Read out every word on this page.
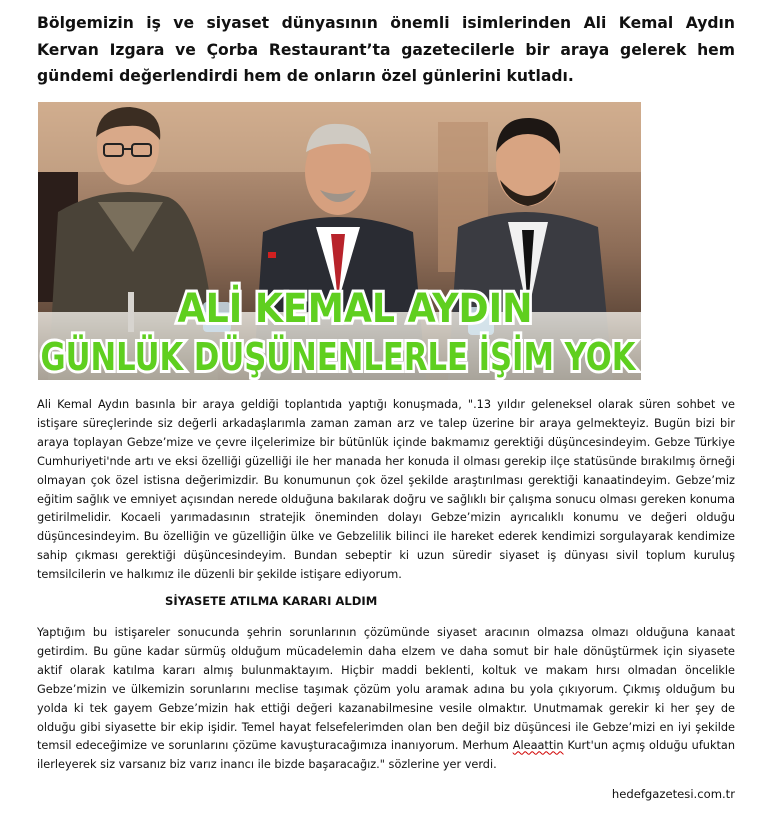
Bölgemizin iş ve siyaset dünyasının önemli isimlerinden Ali Kemal Aydın Kervan Izgara ve Çorba Restaurant’ta gazetecilerle bir araya gelerek hem gündemi değerlendirdi hem de onların özel günlerini kutladı.

ALİ KEMAL AYDIN
GÜNLÜK DÜŞÜNENLERLE İŞİM YOK

Ali Kemal Aydın basınla bir araya geldiği toplantıda yaptığı konuşmada, ".13 yıldır geleneksel olarak süren sohbet ve istişare süreçlerinde siz değerli arkadaşlarımla zaman zaman arz ve talep üzerine bir araya gelmekteyiz. Bugün bizi bir araya toplayan Gebze’mize ve çevre ilçelerimize bir bütünlük içinde bakmamız gerektiği düşüncesindeyim. Gebze Türkiye Cumhuriyeti'nde artı ve eksi özelliği güzelliği ile her manada her konuda il olması gerekip ilçe statüsünde bırakılmış örneği olmayan çok özel istisna değerimizdir. Bu konumunun çok özel şekilde araştırılması gerektiği kanaatindeyim. Gebze’miz eğitim sağlık ve emniyet açısından nerede olduğuna bakılarak doğru ve sağlıklı bir çalışma sonucu olması gereken konuma getirilmelidir. Kocaeli yarımadasının stratejik öneminden dolayı Gebze’mizin ayrıcalıklı konumu ve değeri olduğu düşüncesindeyim. Bu özelliğin ve güzelliğin ülke ve Gebzelilik bilinci ile hareket ederek kendimizi sorgulayarak kendimize sahip çıkması gerektiği düşüncesindeyim. Bundan sebeptir ki uzun süredir siyaset iş dünyası sivil toplum kuruluş temsilcilerin ve halkımız ile düzenli bir şekilde istişare ediyorum.

SİYASETE ATILMA KARARI ALDIM

Yaptığım bu istişareler sonucunda şehrin sorunlarının çözümünde siyaset aracının olmazsa olmazı olduğuna kanaat getirdim. Bu güne kadar sürmüş olduğum mücadelemin daha elzem ve daha somut bir hale dönüştürmek için siyasete aktif olarak katılma kararı almış bulunmaktayım. Hiçbir maddi beklenti, koltuk ve makam hırsı olmadan öncelikle Gebze’mizin ve ülkemizin sorunlarını meclise taşımak çözüm yolu aramak adına bu yola çıkıyorum. Çıkmış olduğum bu yolda ki tek gayem Gebze’mizin hak ettiği değeri kazanabilmesine vesile olmaktır. Unutmamak gerekir ki her şey de olduğu gibi siyasette bir ekip işidir. Temel hayat felsefelerimden olan ben değil biz düşüncesi ile Gebze’mizi en iyi şekilde temsil edeceğimize ve sorunlarını çözüme kavuşturacağımıza inanıyorum. Merhum Aleaattin Kurt'un açmış olduğu ufuktan ilerleyerek siz varsanız biz varız inancı ile bizde başaracağız." sözlerine yer verdi.

hedefgazetesi.com.tr
